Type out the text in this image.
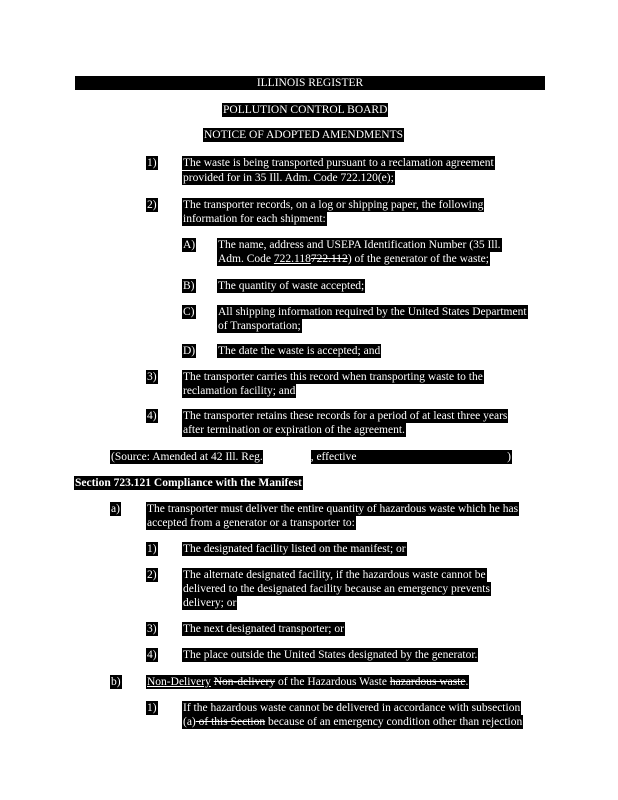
ILLINOIS REGISTER
POLLUTION CONTROL BOARD
NOTICE OF ADOPTED AMENDMENTS
1) The waste is being transported pursuant to a reclamation agreement
provided for in 35 Ill. Adm. Code 722.120(e);
2) The transporter records, on a log or shipping paper, the following
information for each shipment:
A) The name, address and USEPA Identification Number (35 Ill.
Adm. Code 722.118722.112) of the generator of the waste;
B) The quantity of waste accepted;
C) All shipping information required by the United States Department
of Transportation;
D) The date the waste is accepted; and
3) The transporter carries this record when transporting waste to the
reclamation facility; and
4) The transporter retains these records for a period of at least three years
after termination or expiration of the agreement.
(Source: Amended at 42 Ill. Reg.	, effective	)
Section 723.121 Compliance with the Manifest
a) The transporter must deliver the entire quantity of hazardous waste which he has
accepted from a generator or a transporter to:
1) The designated facility listed on the manifest; or
2) The alternate designated facility, if the hazardous waste cannot be
delivered to the designated facility because an emergency prevents
delivery; or
3) The next designated transporter; or
4) The place outside the United States designated by the generator.
b) Non-Delivery Non-delivery of the Hazardous Waste hazardous waste.
1) If the hazardous waste cannot be delivered in accordance with subsection
(a) of this Section because of an emergency condition other than rejection
